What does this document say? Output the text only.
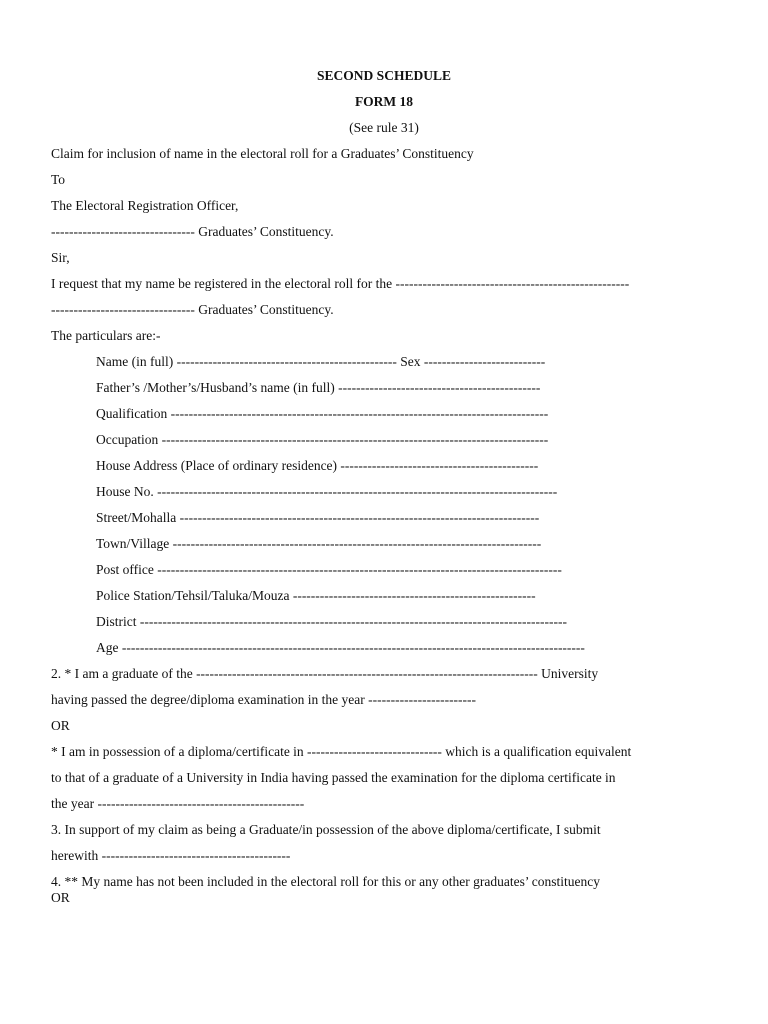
SECOND SCHEDULE
FORM 18
(See rule 31)
Claim for inclusion of name in the electoral roll for a Graduates’ Constituency
To
The Electoral Registration Officer,
-------------------------------- Graduates’ Constituency.
Sir,
I request that my name be registered in the electoral roll for the ----------------------------------------------------
-------------------------------- Graduates’ Constituency.
The particulars are:-
Name (in full) ------------------------------------------------- Sex ---------------------------
Father’s /Mother’s/Husband’s name (in full) ---------------------------------------------
Qualification ------------------------------------------------------------------------------------
Occupation --------------------------------------------------------------------------------------
House Address (Place of ordinary residence) --------------------------------------------
House No. -----------------------------------------------------------------------------------------
Street/Mohalla --------------------------------------------------------------------------------
Town/Village ----------------------------------------------------------------------------------
Post office ------------------------------------------------------------------------------------------
Police Station/Tehsil/Taluka/Mouza ------------------------------------------------------
District -----------------------------------------------------------------------------------------------
Age -------------------------------------------------------------------------------------------------------
2. * I am a graduate of the ---------------------------------------------------------------------------- University
having passed the degree/diploma examination in the year ------------------------
OR
* I am in possession of a diploma/certificate in ------------------------------ which is a qualification equivalent
to that of a graduate of a University in India having passed the examination for the diploma certificate in
the year ----------------------------------------------
3. In support of my claim as being a Graduate/in possession of the above diploma/certificate, I submit
herewith ------------------------------------------
4. ** My name has not been included in the electoral roll for this or any other graduates’ constituency
OR
